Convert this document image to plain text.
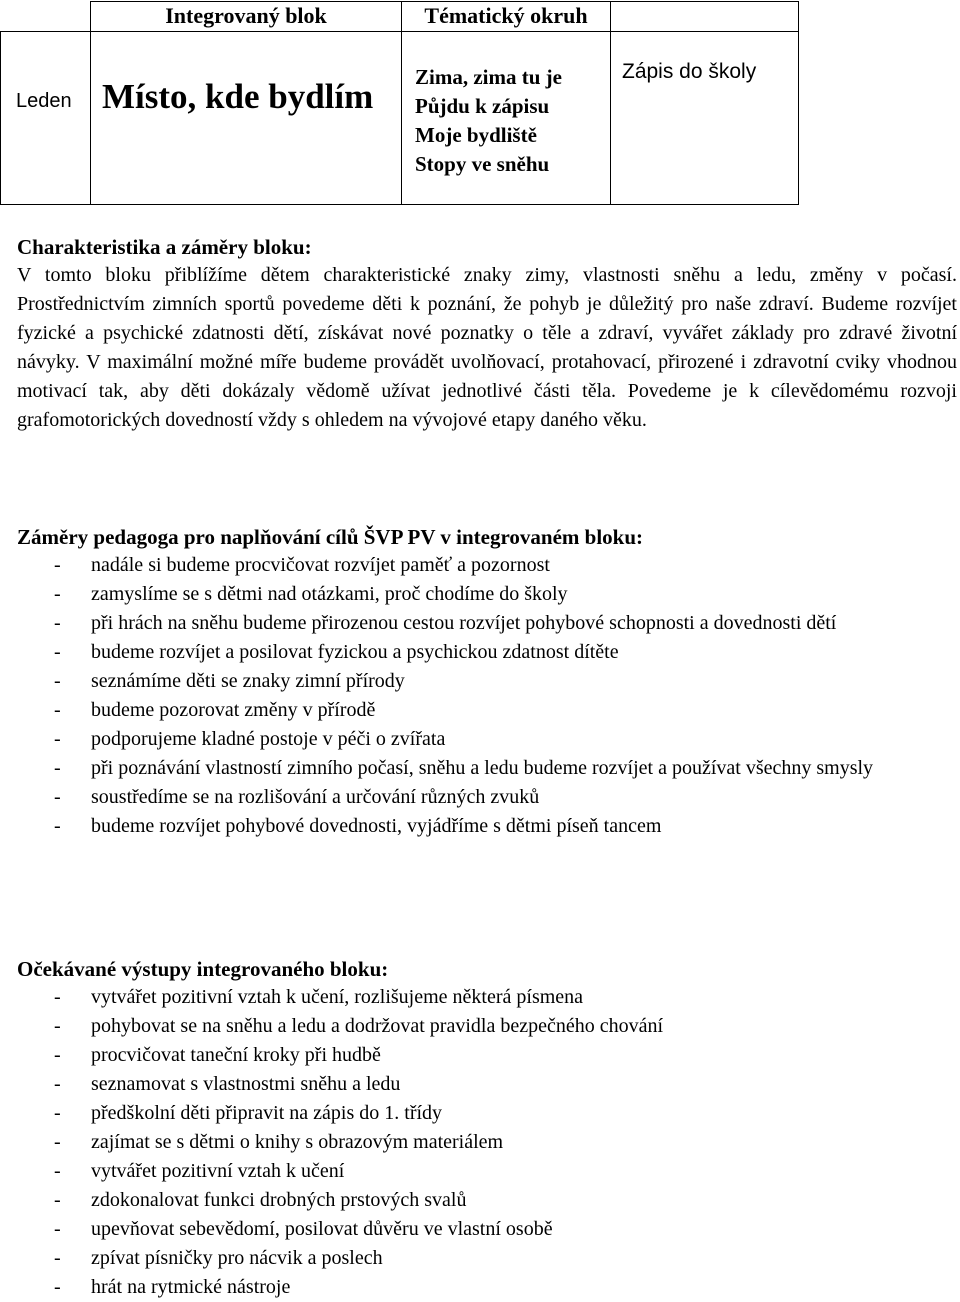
Integrovaný blok	Tématický okruh
Leden Místo, kde bydlím Zima, zima tu je
Půjdu k zápisu
Moje bydliště
Stopy ve sněhu
Zápis do školy
Charakteristika a záměry bloku:
V tomto bloku přiblížíme dětem charakteristické znaky zimy, vlastnosti sněhu a ledu, změny v počasí. Prostřednictvím zimních sportů povedeme děti k poznání, že pohyb je důležitý pro naše zdraví. Budeme rozvíjet fyzické a psychické zdatnosti dětí, získávat nové poznatky o těle a zdraví, vyvářet základy pro zdravé životní návyky. V maximální možné míře budeme provádět uvolňovací, protahovací, přirozené i zdravotní cviky vhodnou motivací tak, aby děti dokázaly vědomě užívat jednotlivé části těla. Povedeme je k cílevědomému rozvoji grafomotorických dovedností vždy s ohledem na vývojové etapy daného věku.
Záměry pedagoga pro naplňování cílů ŠVP PV v integrovaném bloku:
- nadále si budeme procvičovat rozvíjet paměť a pozornost
- zamyslíme se s dětmi nad otázkami, proč chodíme do školy
- při hrách na sněhu budeme přirozenou cestou rozvíjet pohybové schopnosti a dovednosti dětí
- budeme rozvíjet a posilovat fyzickou a psychickou zdatnost dítěte
- seznámíme děti se znaky zimní přírody
- budeme pozorovat změny v přírodě
- podporujeme kladné postoje v péči o zvířata
- při poznávání vlastností zimního počasí, sněhu a ledu budeme rozvíjet a používat všechny smysly
- soustředíme se na rozlišování a určování různých zvuků
- budeme rozvíjet pohybové dovednosti, vyjádříme s dětmi píseň tancem
Očekávané výstupy integrovaného bloku:
- vytvářet pozitivní vztah k učení, rozlišujeme některá písmena
- pohybovat se na sněhu a ledu a dodržovat pravidla bezpečného chování
- procvičovat taneční kroky při hudbě
- seznamovat s vlastnostmi sněhu a ledu
- předškolní děti připravit na zápis do 1. třídy
- zajímat se s dětmi o knihy s obrazovým materiálem
- vytvářet pozitivní vztah k učení
- zdokonalovat funkci drobných prstových svalů
- upevňovat sebevědomí, posilovat důvěru ve vlastní osobě
- zpívat písničky pro nácvik a poslech
- hrát na rytmické nástroje
